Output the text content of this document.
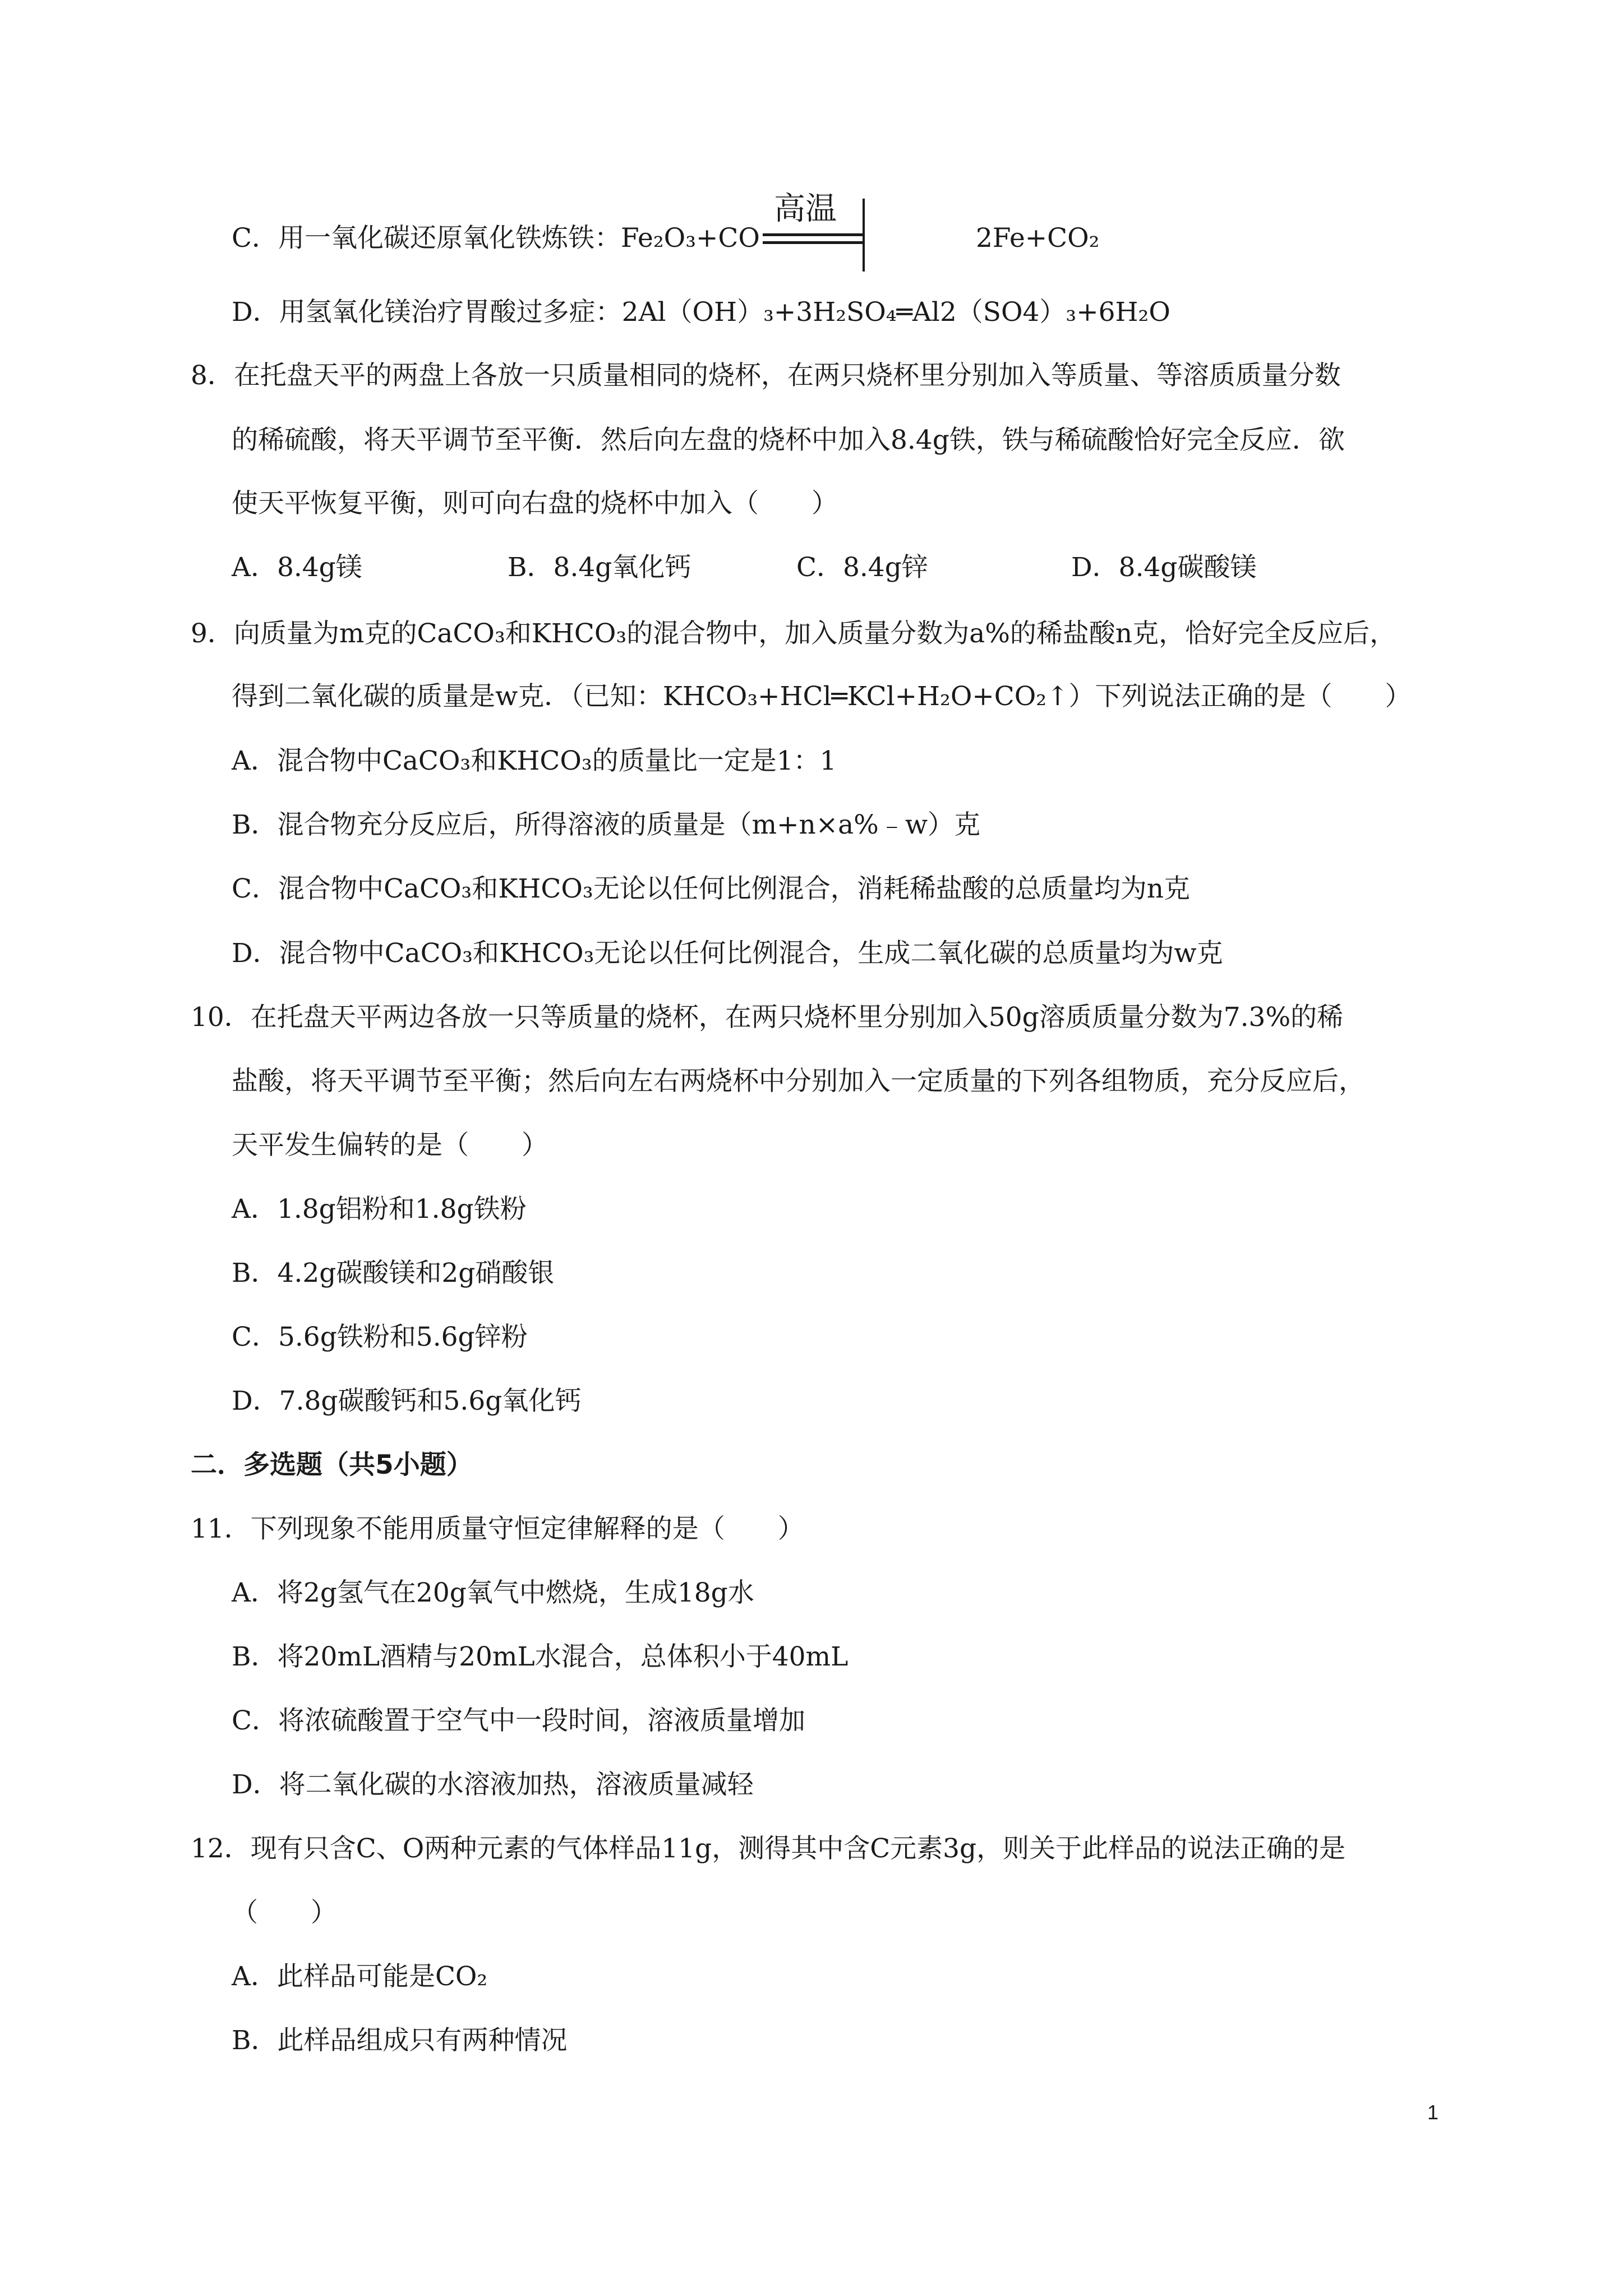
C．用一氧化碳还原氧化铁炼铁：Fe₂O₃+CO
高温
2Fe+CO₂
D．用氢氧化镁治疗胃酸过多症：2Al（OH）₃+3H₂SO₄═Al2（SO4）₃+6H₂O
8．在托盘天平的两盘上各放一只质量相同的烧杯，在两只烧杯里分别加入等质量、等溶质质量分数
的稀硫酸，将天平调节至平衡．然后向左盘的烧杯中加入8.4g铁，铁与稀硫酸恰好完全反应．欲
使天平恢复平衡，则可向右盘的烧杯中加入（　　）
A．8.4g镁	B．8.4g氧化钙	C．8.4g锌	D．8.4g碳酸镁
9．向质量为m克的CaCO₃和KHCO₃的混合物中，加入质量分数为a%的稀盐酸n克，恰好完全反应后，
得到二氧化碳的质量是w克．（已知：KHCO₃+HCl═KCl+H₂O+CO₂↑）下列说法正确的是（　　）
A．混合物中CaCO₃和KHCO₃的质量比一定是1：1
B．混合物充分反应后，所得溶液的质量是（m+n×a%﹣w）克
C．混合物中CaCO₃和KHCO₃无论以任何比例混合，消耗稀盐酸的总质量均为n克
D．混合物中CaCO₃和KHCO₃无论以任何比例混合，生成二氧化碳的总质量均为w克
10．在托盘天平两边各放一只等质量的烧杯，在两只烧杯里分别加入50g溶质质量分数为7.3%的稀
盐酸，将天平调节至平衡；然后向左右两烧杯中分别加入一定质量的下列各组物质，充分反应后，
天平发生偏转的是（　　）
A．1.8g铝粉和1.8g铁粉
B．4.2g碳酸镁和2g硝酸银
C．5.6g铁粉和5.6g锌粉
D．7.8g碳酸钙和5.6g氧化钙
二．多选题（共5小题）
11．下列现象不能用质量守恒定律解释的是（　　）
A．将2g氢气在20g氧气中燃烧，生成18g水
B．将20mL酒精与20mL水混合，总体积小于40mL
C．将浓硫酸置于空气中一段时间，溶液质量增加
D．将二氧化碳的水溶液加热，溶液质量减轻
12．现有只含C、O两种元素的气体样品11g，测得其中含C元素3g，则关于此样品的说法正确的是
（　　）
A．此样品可能是CO₂
B．此样品组成只有两种情况
1
